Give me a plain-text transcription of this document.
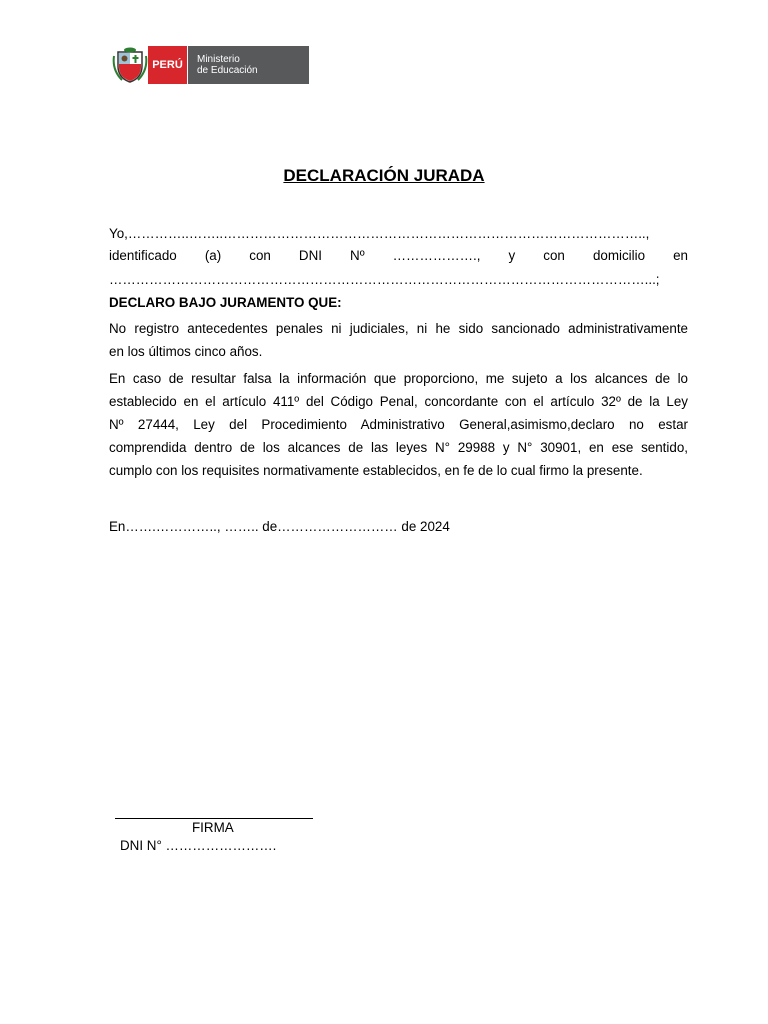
PERÚ	Ministerio
de Educación
DECLARACIÓN JURADA
Yo,…………..……..…………………………………………………………………………………..,
identificado (a) con DNI Nº ………………., y con domicilio en
…………………………………………………………………………………………………………...;
DECLARO BAJO JURAMENTO QUE:
No registro antecedentes penales ni judiciales, ni he sido sancionado administrativamente
en los últimos cinco años.
En caso de resultar falsa la información que proporciono, me sujeto a los alcances de lo
establecido en el artículo 411º del Código Penal, concordante con el artículo 32º de la Ley
Nº 27444, Ley del Procedimiento Administrativo General,asimismo,declaro no estar
comprendida dentro de los alcances de las leyes N° 29988 y N° 30901, en ese sentido,
cumplo con los requisites normativamente establecidos, en fe de lo cual firmo la presente.
En…….………….., …….. de……………………… de 2024
FIRMA
DNI N° …………………….
